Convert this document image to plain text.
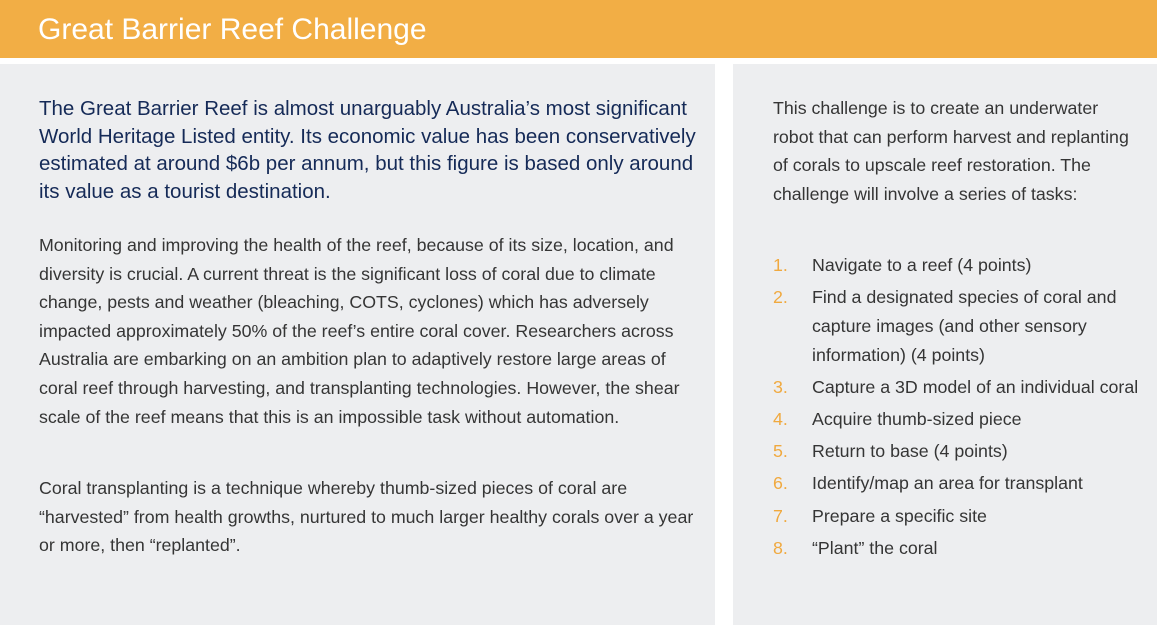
Great Barrier Reef Challenge

The Great Barrier Reef is almost unarguably Australia’s most significant World Heritage Listed entity. Its economic value has been conservatively estimated at around $6b per annum, but this figure is based only around its value as a tourist destination.

Monitoring and improving the health of the reef, because of its size, location, and diversity is crucial. A current threat is the significant loss of coral due to climate change, pests and weather (bleaching, COTS, cyclones) which has adversely impacted approximately 50% of the reef’s entire coral cover. Researchers across Australia are embarking on an ambition plan to adaptively restore large areas of coral reef through harvesting, and transplanting technologies. However, the shear scale of the reef means that this is an impossible task without automation.

Coral transplanting is a technique whereby thumb-sized pieces of coral are “harvested” from health growths, nurtured to much larger healthy corals over a year or more, then “replanted”.

This challenge is to create an underwater robot that can perform harvest and replanting of corals to upscale reef restoration. The challenge will involve a series of tasks:

1.	Navigate to a reef (4 points)
2.	Find a designated species of coral and capture images (and other sensory information) (4 points)
3.	Capture a 3D model of an individual coral
4.	Acquire thumb-sized piece
5.	Return to base (4 points)
6.	Identify/map an area for transplant
7.	Prepare a specific site
8.	“Plant” the coral
